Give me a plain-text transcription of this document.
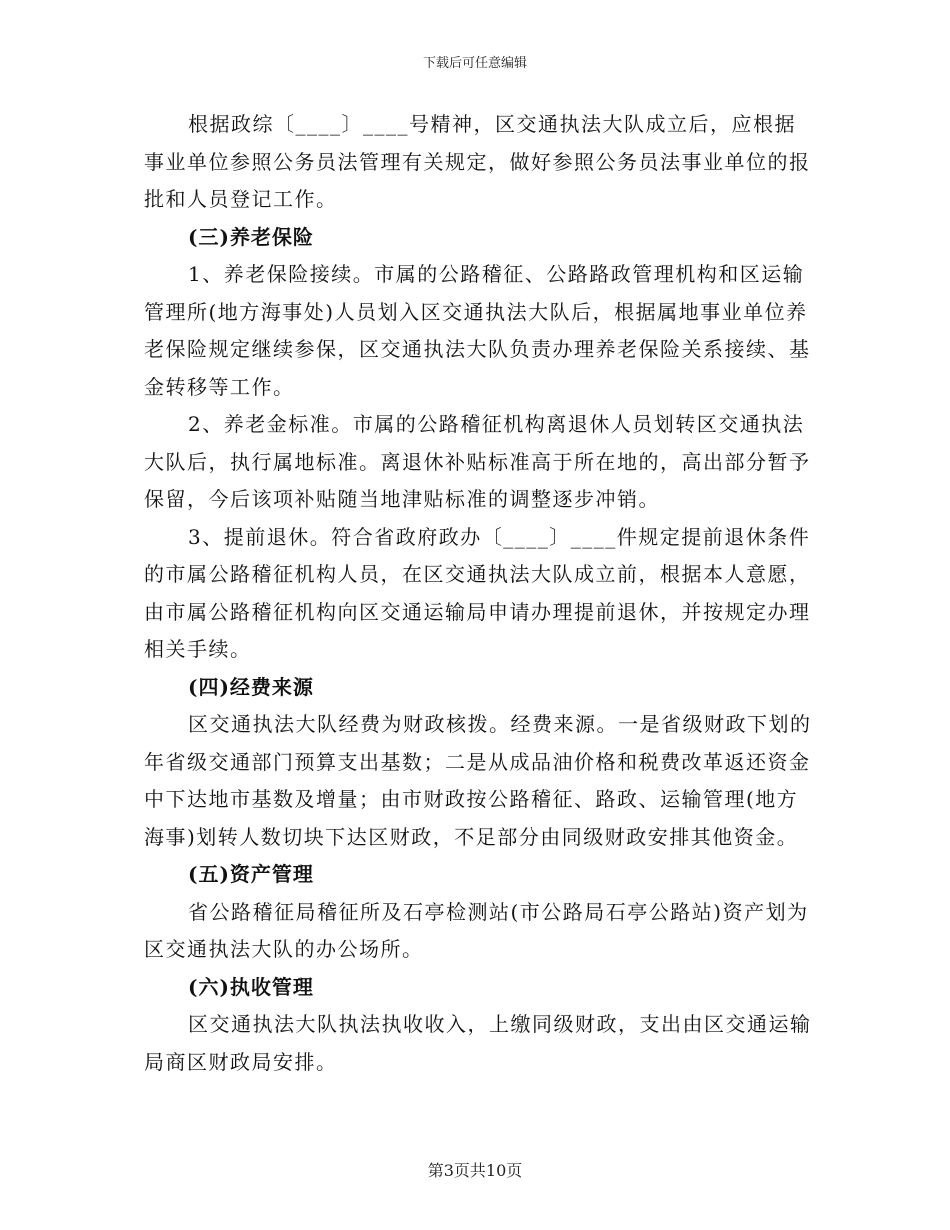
下载后可任意编辑

根据政综〔____〕____号精神，区交通执法大队成立后，应根据事业单位参照公务员法管理有关规定，做好参照公务员法事业单位的报批和人员登记工作。

(三)养老保险

1、养老保险接续。市属的公路稽征、公路路政管理机构和区运输管理所(地方海事处)人员划入区交通执法大队后，根据属地事业单位养老保险规定继续参保，区交通执法大队负责办理养老保险关系接续、基金转移等工作。

2、养老金标准。市属的公路稽征机构离退休人员划转区交通执法大队后，执行属地标准。离退休补贴标准高于所在地的，高出部分暂予保留，今后该项补贴随当地津贴标准的调整逐步冲销。

3、提前退休。符合省政府政办〔____〕____件规定提前退休条件的市属公路稽征机构人员，在区交通执法大队成立前，根据本人意愿，由市属公路稽征机构向区交通运输局申请办理提前退休，并按规定办理相关手续。

(四)经费来源

区交通执法大队经费为财政核拨。经费来源。一是省级财政下划的年省级交通部门预算支出基数；二是从成品油价格和税费改革返还资金中下达地市基数及增量；由市财政按公路稽征、路政、运输管理(地方海事)划转人数切块下达区财政，不足部分由同级财政安排其他资金。

(五)资产管理

省公路稽征局稽征所及石亭检测站(市公路局石亭公路站)资产划为区交通执法大队的办公场所。

(六)执收管理

区交通执法大队执法执收收入，上缴同级财政，支出由区交通运输局商区财政局安排。

第3页共10页
